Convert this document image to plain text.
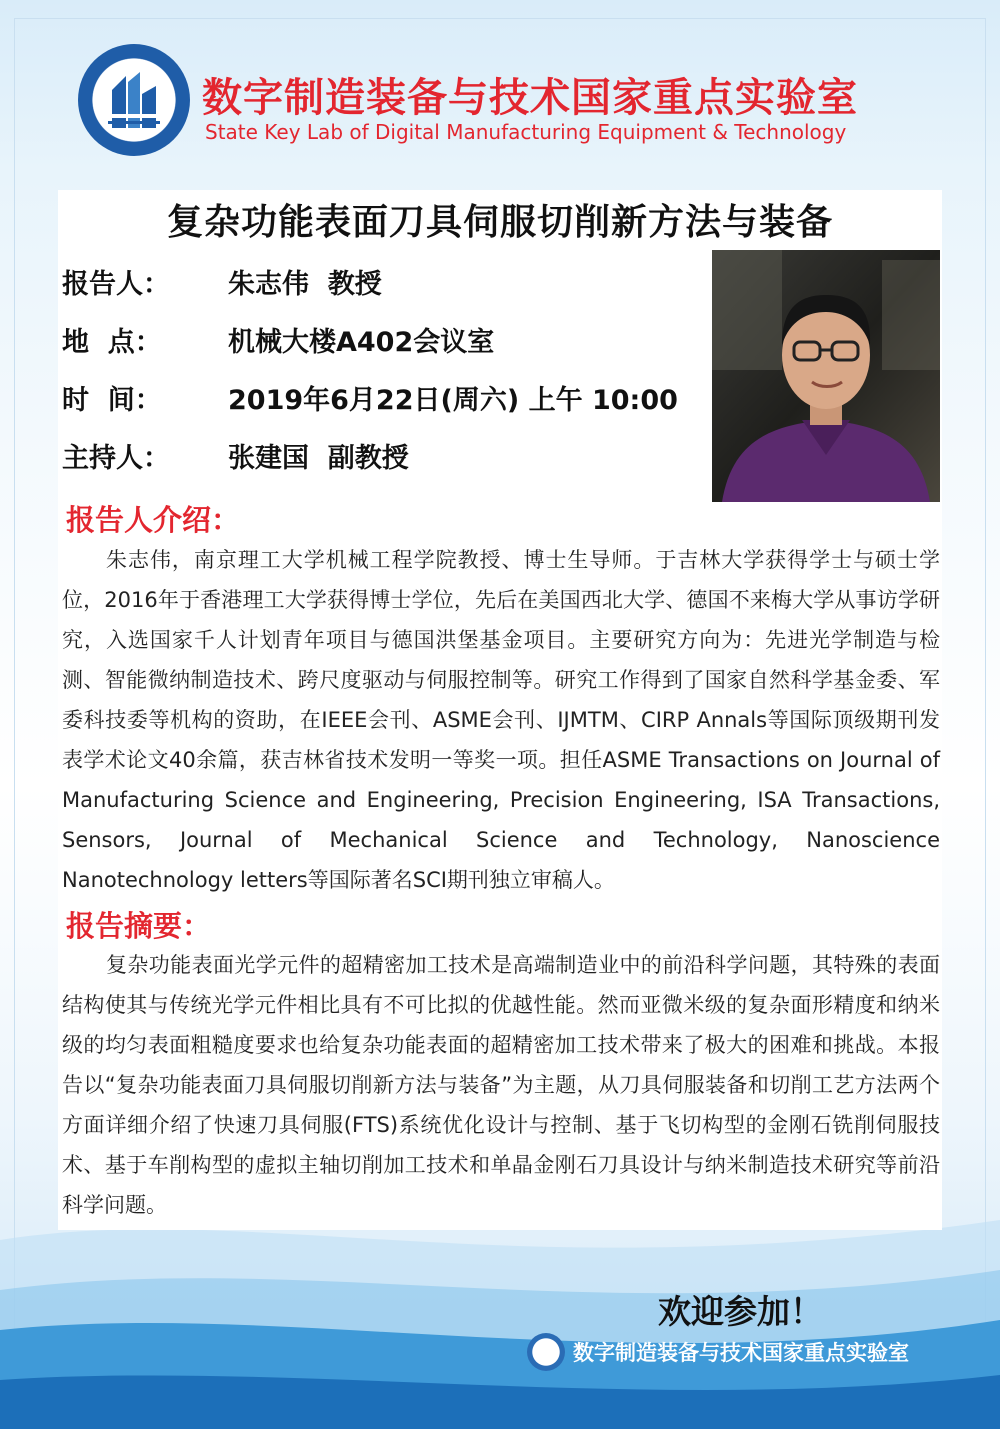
数字制造装备与技术国家重点实验室
State Key Lab of Digital Manufacturing Equipment & Technology
复杂功能表面刀具伺服切削新方法与装备
报告人： 朱志伟  教授
地  点： 机械大楼A402会议室
时  间： 2019年6月22日(周六) 上午 10:00
主持人： 张建国  副教授
报告人介绍：

朱志伟，南京理工大学机械工程学院教授、博士生导师。于吉林大学获得学士与硕士学位，2016年于香港理工大学获得博士学位，先后在美国西北大学、德国不来梅大学从事访学研究，入选国家千人计划青年项目与德国洪堡基金项目。主要研究方向为：先进光学制造与检测、智能微纳制造技术、跨尺度驱动与伺服控制等。研究工作得到了国家自然科学基金委、军委科技委等机构的资助，在IEEE会刊、ASME会刊、IJMTM、CIRP Annals等国际顶级期刊发表学术论文40余篇，获吉林省技术发明一等奖一项。担任ASME Transactions on Journal of Manufacturing Science and Engineering, Precision Engineering, ISA Transactions, Sensors, Journal of Mechanical Science and Technology, Nanoscience Nanotechnology letters等国际著名SCI期刊独立审稿人。

报告摘要：

复杂功能表面光学元件的超精密加工技术是高端制造业中的前沿科学问题，其特殊的表面结构使其与传统光学元件相比具有不可比拟的优越性能。然而亚微米级的复杂面形精度和纳米级的均匀表面粗糙度要求也给复杂功能表面的超精密加工技术带来了极大的困难和挑战。本报告以“复杂功能表面刀具伺服切削新方法与装备”为主题，从刀具伺服装备和切削工艺方法两个方面详细介绍了快速刀具伺服(FTS)系统优化设计与控制、基于飞切构型的金刚石铣削伺服技术、基于车削构型的虚拟主轴切削加工技术和单晶金刚石刀具设计与纳米制造技术研究等前沿科学问题。

欢迎参加！
数字制造装备与技术国家重点实验室
